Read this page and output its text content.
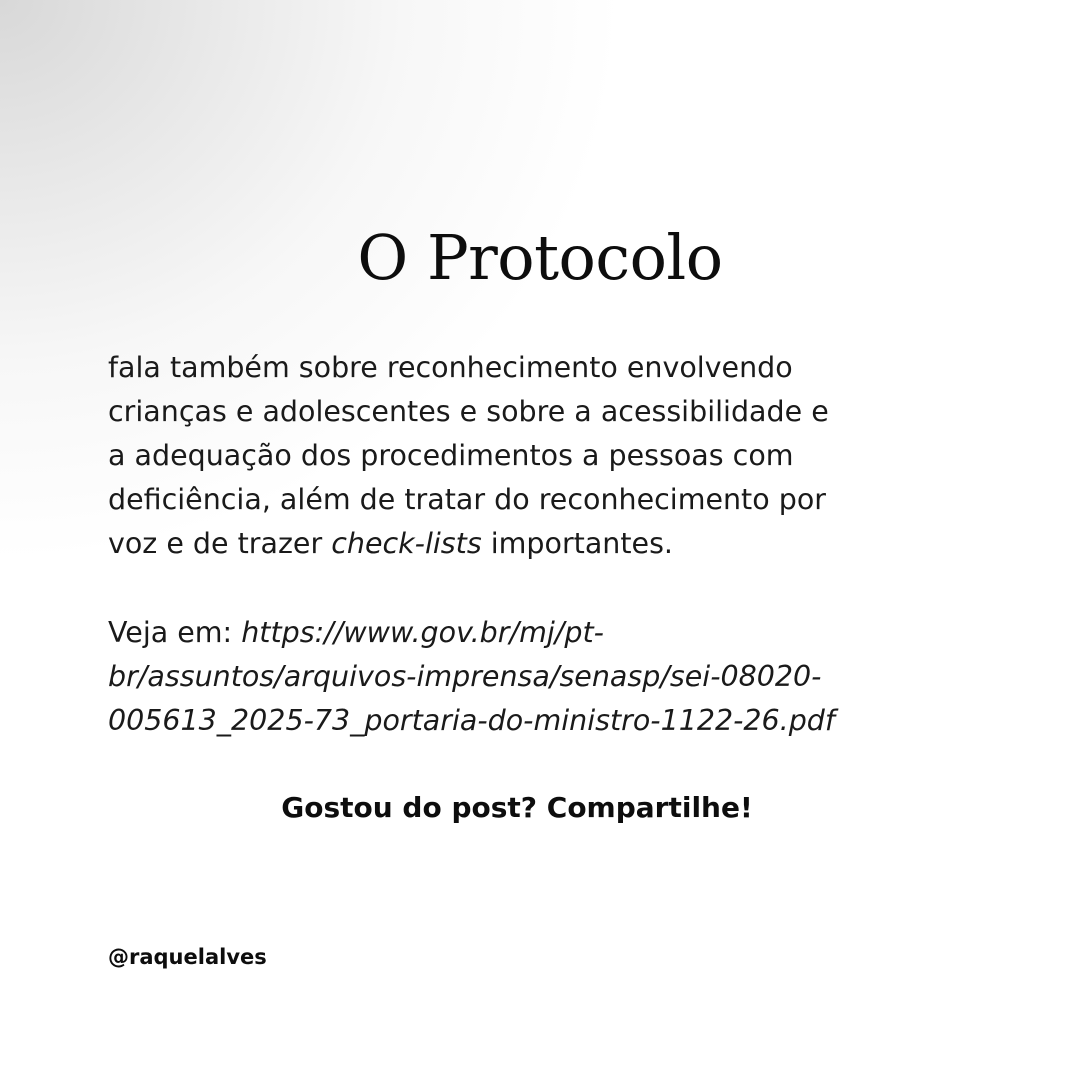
O Protocolo

fala também sobre reconhecimento envolvendo
crianças e adolescentes e sobre a acessibilidade e
a adequação dos procedimentos a pessoas com
deficiência, além de tratar do reconhecimento por
voz e de trazer check-lists importantes.

Veja em: https://www.gov.br/mj/pt-
br/assuntos/arquivos-imprensa/senasp/sei-08020-
005613_2025-73_portaria-do-ministro-1122-26.pdf

Gostou do post? Compartilhe!

@raquelalves
